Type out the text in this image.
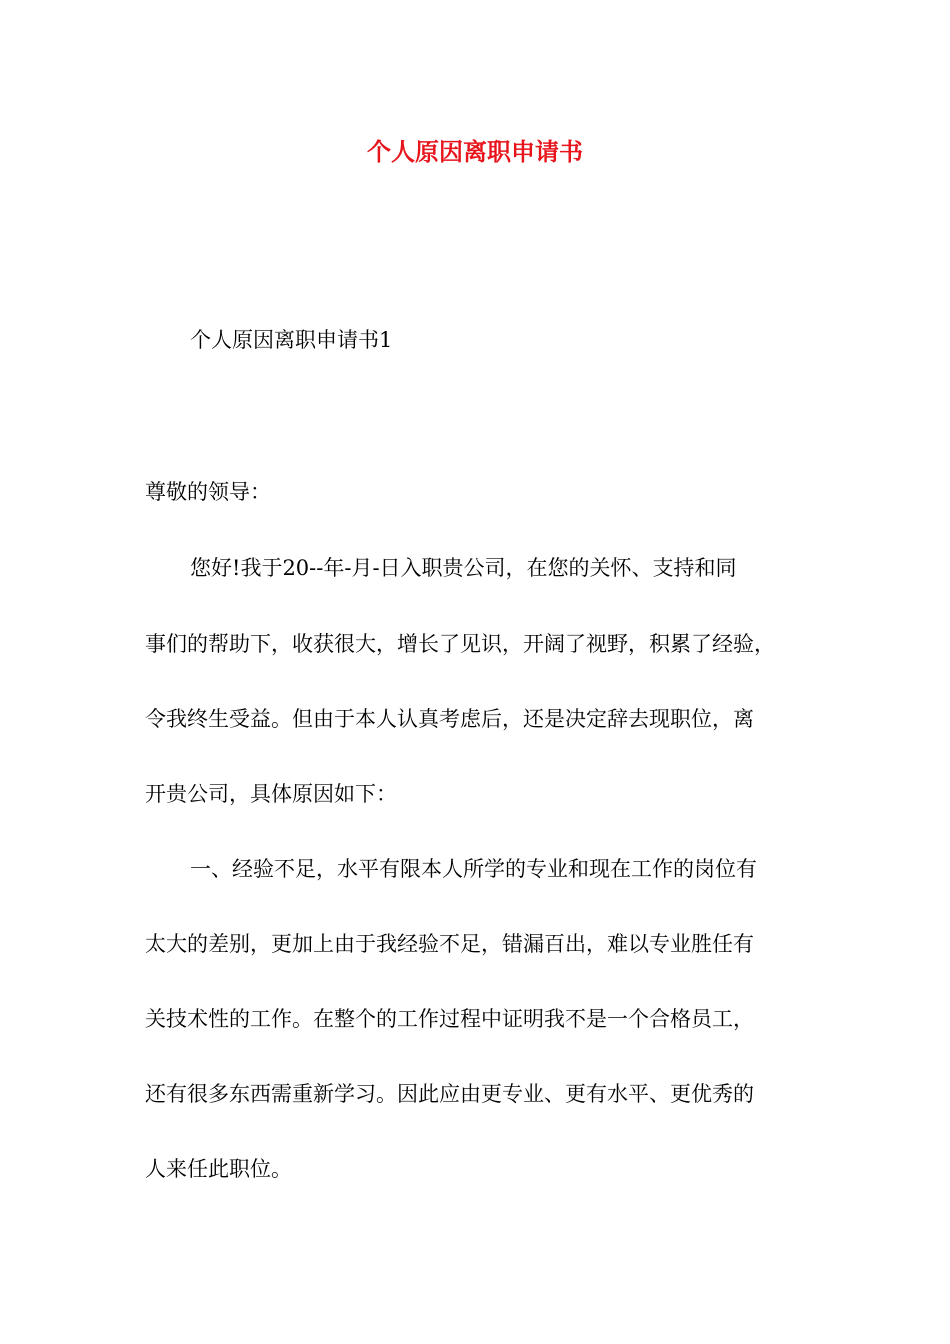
个人原因离职申请书

个人原因离职申请书1

尊敬的领导：

您好!我于20--年-月-日入职贵公司，在您的关怀、支持和同

事们的帮助下，收获很大，增长了见识，开阔了视野，积累了经验，

令我终生受益。但由于本人认真考虑后，还是决定辞去现职位，离

开贵公司，具体原因如下：

一、经验不足，水平有限本人所学的专业和现在工作的岗位有

太大的差别，更加上由于我经验不足，错漏百出，难以专业胜任有

关技术性的工作。在整个的工作过程中证明我不是一个合格员工，

还有很多东西需重新学习。因此应由更专业、更有水平、更优秀的

人来任此职位。
